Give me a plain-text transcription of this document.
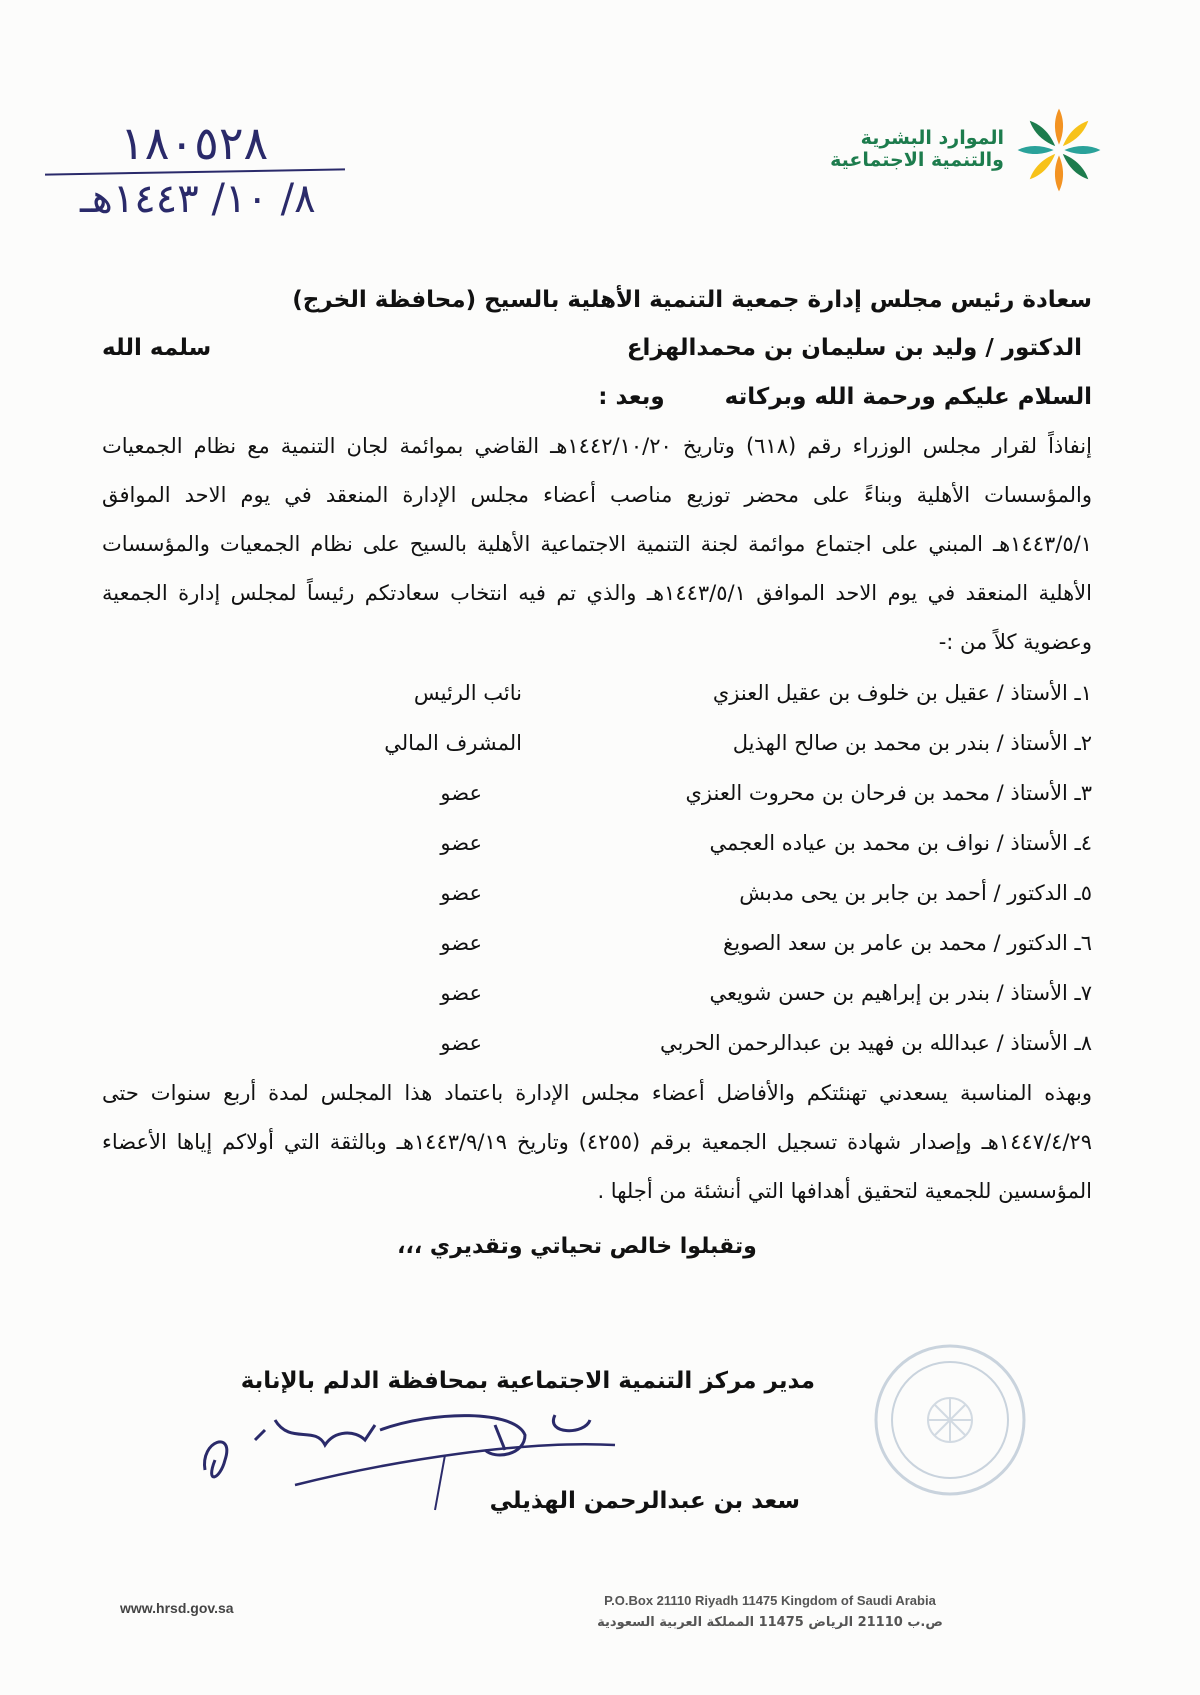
الموارد البشرية
والتنمية الاجتماعية
١٨٠٥٢٨
٨/ ١٠/ ١٤٤٣هـ
سعادة رئيس مجلس إدارة جمعية التنمية الأهلية بالسيح (محافظة الخرج)
الدكتور / وليد بن سليمان بن محمدالهزاع
سلمه الله
السلام عليكم ورحمة الله وبركاته
وبعد :

إنفاذاً لقرار مجلس الوزراء رقم (٦١٨) وتاريخ ١٤٤٢/١٠/٢٠هـ القاضي بموائمة لجان التنمية مع نظام الجمعيات والمؤسسات الأهلية وبناءً على محضر توزيع مناصب أعضاء مجلس الإدارة المنعقد في يوم الاحد الموافق ١٤٤٣/٥/١هـ المبني على اجتماع موائمة لجنة التنمية الاجتماعية الأهلية بالسيح على نظام الجمعيات والمؤسسات الأهلية المنعقد في يوم الاحد الموافق ١٤٤٣/٥/١هـ والذي تم فيه انتخاب سعادتكم رئيساً لمجلس إدارة الجمعية وعضوية كلاً من :-

١ـ الأستاذ / عقيل بن خلوف بن عقيل العنزي
نائب الرئيس
٢ـ الأستاذ / بندر بن محمد بن صالح الهذيل
المشرف المالي
٣ـ الأستاذ / محمد بن فرحان بن محروت العنزي
عضو
٤ـ الأستاذ / نواف بن محمد بن عياده العجمي
عضو
٥ـ الدكتور / أحمد بن جابر بن يحى مدبش
عضو
٦ـ الدكتور / محمد بن عامر بن سعد الصويغ
عضو
٧ـ الأستاذ / بندر بن إبراهيم بن حسن شويعي
عضو
٨ـ الأستاذ / عبدالله بن فهيد بن عبدالرحمن الحربي
عضو

وبهذه المناسبة يسعدني تهنئتكم والأفاضل أعضاء مجلس الإدارة باعتماد هذا المجلس لمدة أربع سنوات حتى ١٤٤٧/٤/٢٩هـ وإصدار شهادة تسجيل الجمعية برقم (٤٢٥٥) وتاريخ ١٤٤٣/٩/١٩هـ وبالثقة التي أولاكم إياها الأعضاء المؤسسين للجمعية لتحقيق أهدافها التي أنشئة من أجلها .

وتقبلوا خالص تحياتي وتقديري ،،،
مدير مركز التنمية الاجتماعية بمحافظة الدلم بالإنابة
سعد بن عبدالرحمن الهذيلي
www.hrsd.gov.sa	P.O.Box 21110 Riyadh 11475 Kingdom of Saudi Arabia
ص.ب 21110 الرياض 11475 المملكة العربية السعودية
